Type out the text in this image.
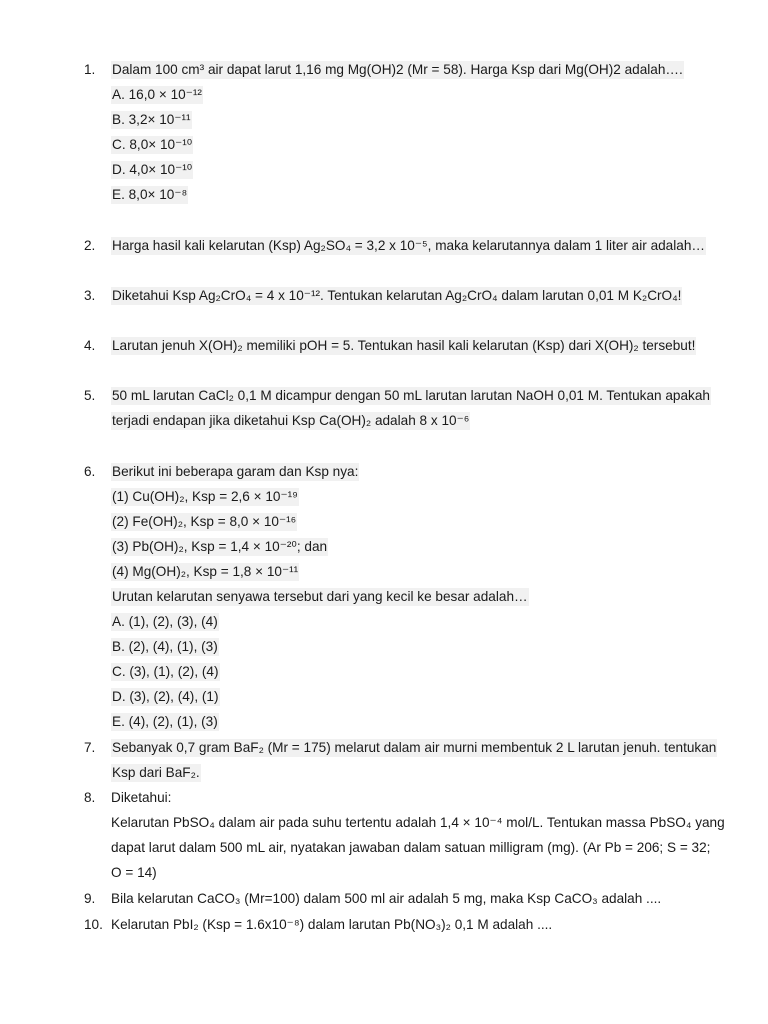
1. Dalam 100 cm³ air dapat larut 1,16 mg Mg(OH)2 (Mr = 58). Harga Ksp dari Mg(OH)2 adalah….
A. 16,0 × 10⁻¹²
B. 3,2× 10⁻¹¹
C. 8,0× 10⁻¹⁰
D. 4,0× 10⁻¹⁰
E. 8,0× 10⁻⁸
2. Harga hasil kali kelarutan (Ksp) Ag₂SO₄ = 3,2 x 10⁻⁵, maka kelarutannya dalam 1 liter air adalah…
3. Diketahui Ksp Ag₂CrO₄ = 4 x 10⁻¹². Tentukan kelarutan Ag₂CrO₄ dalam larutan 0,01 M K₂CrO₄!
4. Larutan jenuh X(OH)₂ memiliki pOH = 5. Tentukan hasil kali kelarutan (Ksp) dari X(OH)₂ tersebut!
5. 50 mL larutan CaCl₂ 0,1 M dicampur dengan 50 mL larutan larutan NaOH 0,01 M. Tentukan apakah
terjadi endapan jika diketahui Ksp Ca(OH)₂ adalah 8 x 10⁻⁶
6. Berikut ini beberapa garam dan Ksp nya:
(1) Cu(OH)₂, Ksp = 2,6 × 10⁻¹⁹
(2) Fe(OH)₂, Ksp = 8,0 × 10⁻¹⁶
(3) Pb(OH)₂, Ksp = 1,4 × 10⁻²⁰; dan
(4) Mg(OH)₂, Ksp = 1,8 × 10⁻¹¹
Urutan kelarutan senyawa tersebut dari yang kecil ke besar adalah…
A. (1), (2), (3), (4)
B. (2), (4), (1), (3)
C. (3), (1), (2), (4)
D. (3), (2), (4), (1)
E. (4), (2), (1), (3)
7. Sebanyak 0,7 gram BaF₂ (Mr = 175) melarut dalam air murni membentuk 2 L larutan jenuh. tentukan
Ksp dari BaF₂.
8. Diketahui:
Kelarutan PbSO₄ dalam air pada suhu tertentu adalah 1,4 × 10⁻⁴ mol/L. Tentukan massa PbSO₄ yang
dapat larut dalam 500 mL air, nyatakan jawaban dalam satuan milligram (mg). (Ar Pb = 206; S = 32;
O = 14)
9. Bila kelarutan CaCO₃ (Mr=100) dalam 500 ml air adalah 5 mg, maka Ksp CaCO₃ adalah ....
10. Kelarutan PbI₂ (Ksp = 1.6x10⁻⁸) dalam larutan Pb(NO₃)₂ 0,1 M adalah ....
